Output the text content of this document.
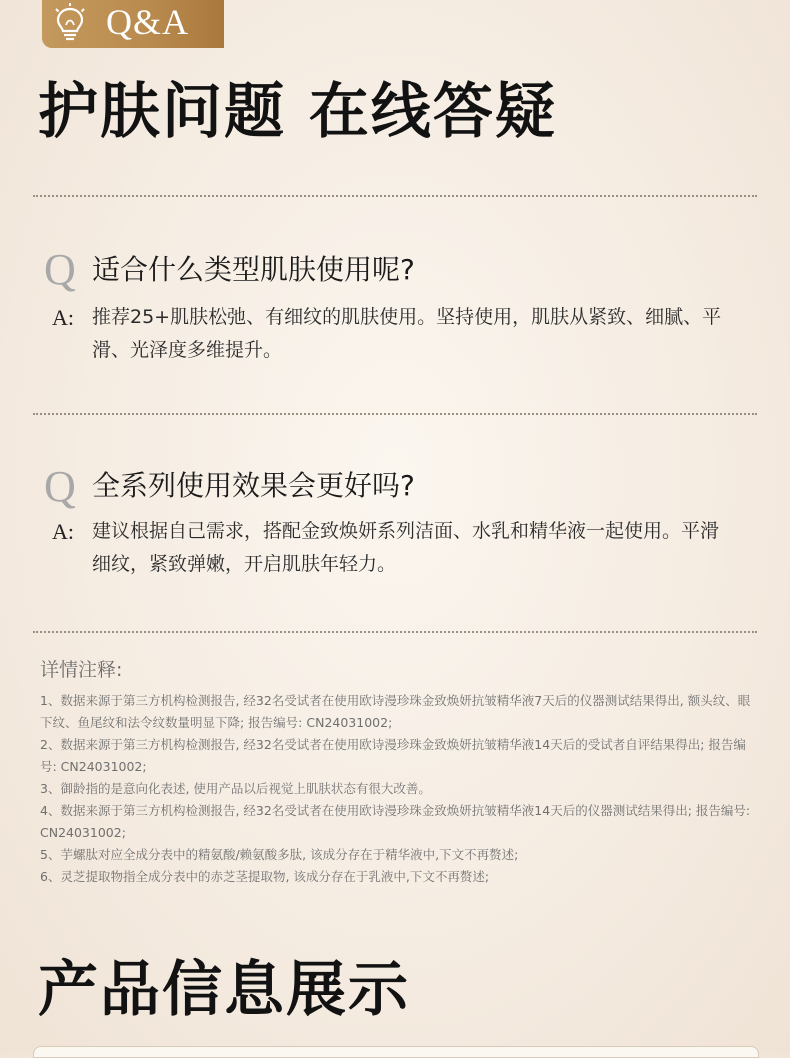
Q&A
护肤问题 在线答疑
Q 适合什么类型肌肤使用呢?
A: 推荐25+肌肤松弛、有细纹的肌肤使用。坚持使用，肌肤从紧致、细腻、平滑、光泽度多维提升。
Q 全系列使用效果会更好吗?
A: 建议根据自己需求，搭配金致焕妍系列洁面、水乳和精华液一起使用。平滑细纹，紧致弹嫩，开启肌肤年轻力。
详情注释:

1、数据来源于第三方机构检测报告, 经32名受试者在使用欧诗漫珍珠金致焕妍抗皱精华液7天后的仪器测试结果得出, 额头纹、眼下纹、鱼尾纹和法令纹数量明显下降; 报告编号: CN24031002;

2、数据来源于第三方机构检测报告, 经32名受试者在使用欧诗漫珍珠金致焕妍抗皱精华液14天后的受试者自评结果得出; 报告编号: CN24031002;

3、御龄指的是意向化表述, 使用产品以后视觉上肌肤状态有很大改善。

4、数据来源于第三方机构检测报告, 经32名受试者在使用欧诗漫珍珠金致焕妍抗皱精华液14天后的仪器测试结果得出; 报告编号: CN24031002;

5、芋螺肽对应全成分表中的精氨酸/赖氨酸多肽, 该成分存在于精华液中,下文不再赘述;

6、灵芝提取物指全成分表中的赤芝茎提取物, 该成分存在于乳液中,下文不再赘述;

产品信息展示
